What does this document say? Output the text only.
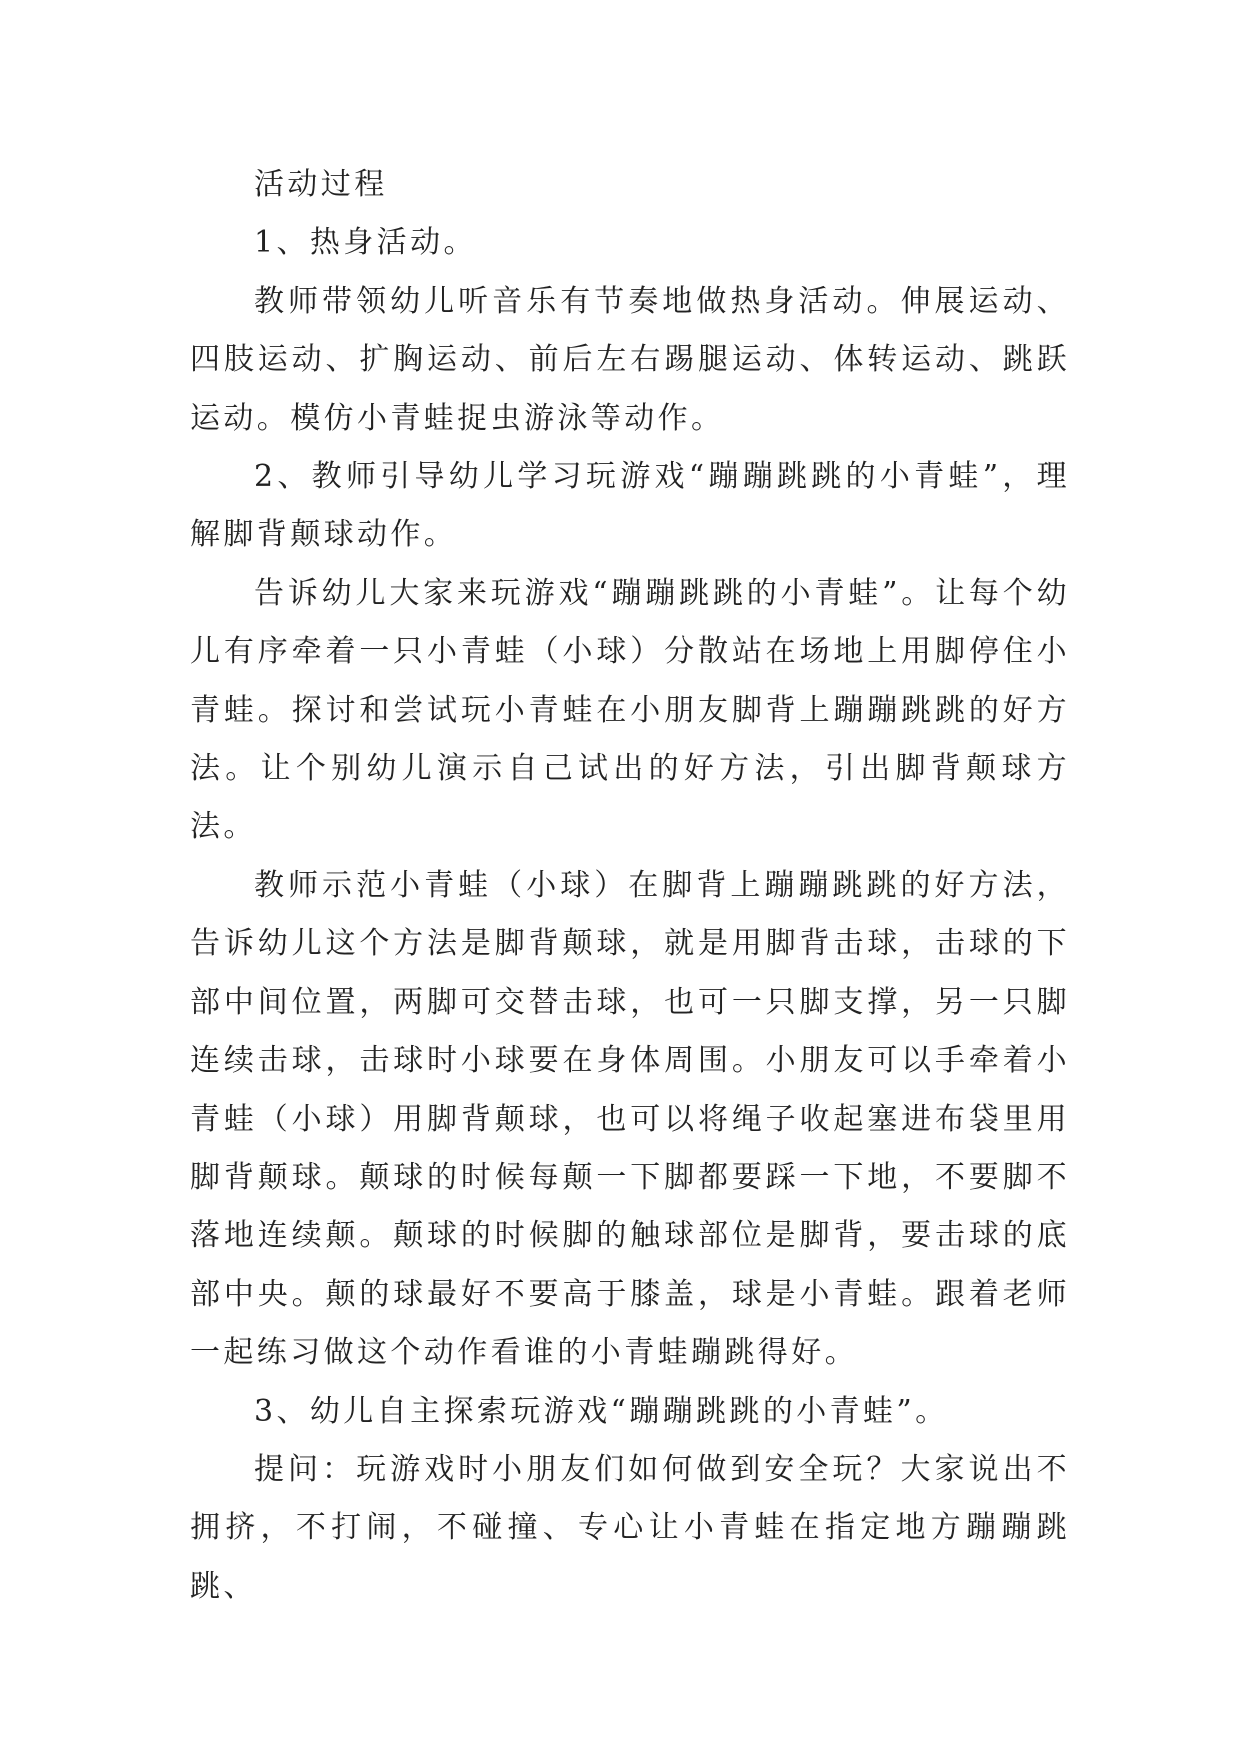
活动过程

1、热身活动。

教师带领幼儿听音乐有节奏地做热身活动。伸展运动、四肢运动、扩胸运动、前后左右踢腿运动、体转运动、跳跃运动。模仿小青蛙捉虫游泳等动作。

2、教师引导幼儿学习玩游戏“蹦蹦跳跳的小青蛙”，理解脚背颠球动作。

告诉幼儿大家来玩游戏“蹦蹦跳跳的小青蛙”。让每个幼儿有序牵着一只小青蛙（小球）分散站在场地上用脚停住小青蛙。探讨和尝试玩小青蛙在小朋友脚背上蹦蹦跳跳的好方法。让个别幼儿演示自己试出的好方法，引出脚背颠球方法。

教师示范小青蛙（小球）在脚背上蹦蹦跳跳的好方法，告诉幼儿这个方法是脚背颠球，就是用脚背击球，击球的下部中间位置，两脚可交替击球，也可一只脚支撑，另一只脚连续击球，击球时小球要在身体周围。小朋友可以手牵着小青蛙（小球）用脚背颠球，也可以将绳子收起塞进布袋里用脚背颠球。颠球的时候每颠一下脚都要踩一下地，不要脚不落地连续颠。颠球的时候脚的触球部位是脚背，要击球的底部中央。颠的球最好不要高于膝盖，球是小青蛙。跟着老师一起练习做这个动作看谁的小青蛙蹦跳得好。

3、幼儿自主探索玩游戏“蹦蹦跳跳的小青蛙”。

提问：玩游戏时小朋友们如何做到安全玩？大家说出不拥挤，不打闹，不碰撞、专心让小青蛙在指定地方蹦蹦跳跳、
